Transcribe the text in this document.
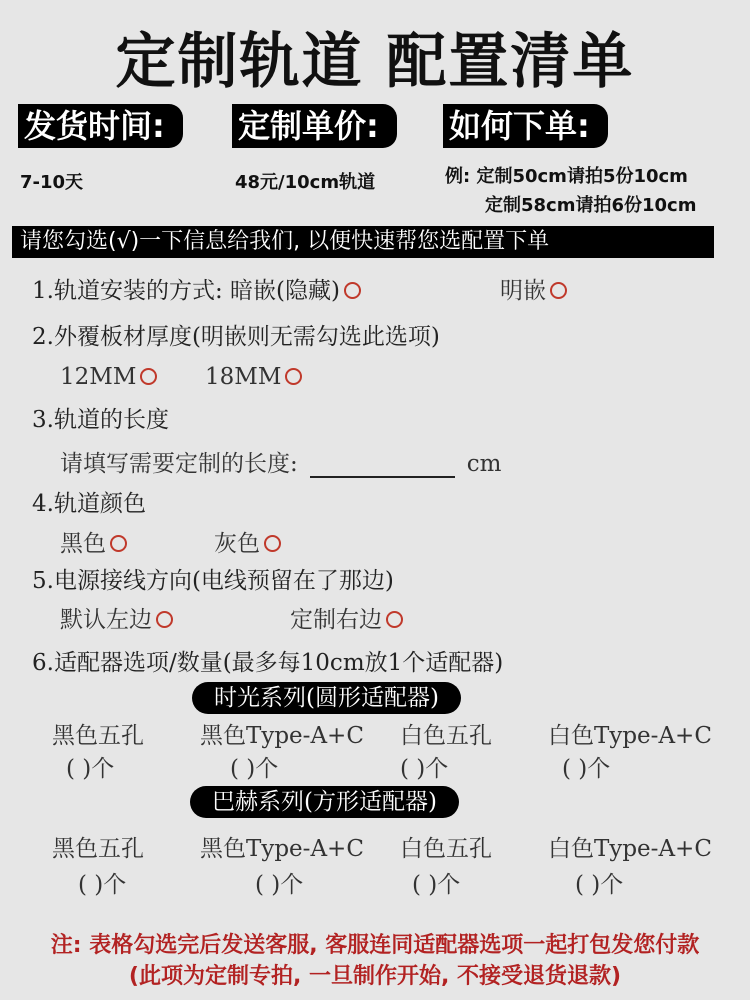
定制轨道 配置清单
发货时间:	定制单价:	如何下单:
7-10天	48元/10cm轨道	例: 定制50cm请拍5份10cm
定制58cm请拍6份10cm
请您勾选(√)一下信息给我们, 以便快速帮您选配置下单
1.轨道安装的方式: 暗嵌(隐藏)	明嵌
2.外覆板材厚度(明嵌则无需勾选此选项)
12MM	18MM
3.轨道的长度
请填写需要定制的长度:	cm
4.轨道颜色
黑色	灰色
5.电源接线方向(电线预留在了那边)
默认左边	定制右边
6.适配器选项/数量(最多每10cm放1个适配器)
时光系列(圆形适配器)
黑色五孔 黑色Type-A+C 白色五孔 白色Type-A+C
( )个	( )个	( )个	( )个
巴赫系列(方形适配器)
黑色五孔 黑色Type-A+C 白色五孔 白色Type-A+C
( )个	( )个	( )个	( )个
注: 表格勾选完后发送客服, 客服连同适配器选项一起打包发您付款
(此项为定制专拍, 一旦制作开始, 不接受退货退款)
